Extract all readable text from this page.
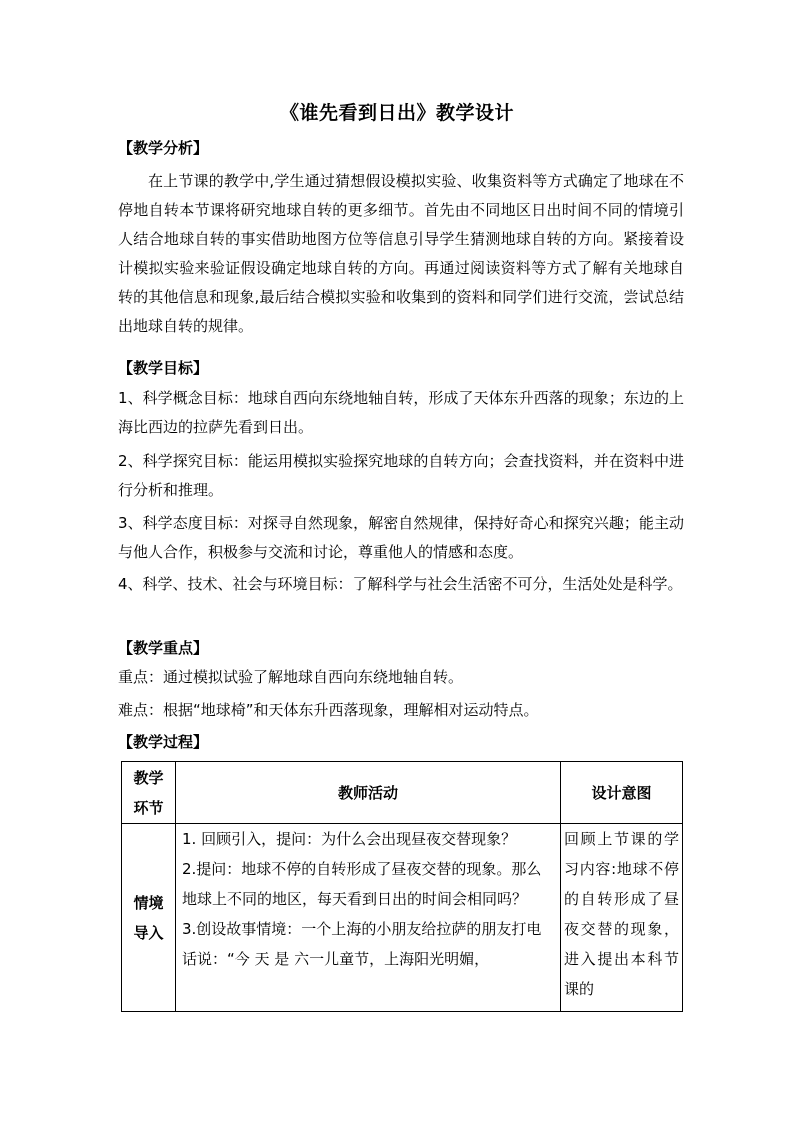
《谁先看到日出》教学设计
【教学分析】
在上节课的教学中,学生通过猜想假设模拟实验、收集资料等方式确定了地球在不停地自转本节课将研究地球自转的更多细节。首先由不同地区日出时间不同的情境引人结合地球自转的事实借助地图方位等信息引导学生猜测地球自转的方向。紧接着设计模拟实验来验证假设确定地球自转的方向。再通过阅读资料等方式了解有关地球自转的其他信息和现象,最后结合模拟实验和收集到的资料和同学们进行交流，尝试总结出地球自转的规律。
【教学目标】
1、科学概念目标：地球自西向东绕地轴自转，形成了天体东升西落的现象；东边的上海比西边的拉萨先看到日出。
2、科学探究目标：能运用模拟实验探究地球的自转方向；会查找资料，并在资料中进行分析和推理。
3、科学态度目标：对探寻自然现象，解密自然规律，保持好奇心和探究兴趣；能主动与他人合作，积极参与交流和讨论，尊重他人的情感和态度。
4、科学、技术、社会与环境目标：了解科学与社会生活密不可分，生活处处是科学。
【教学重点】
重点：通过模拟试验了解地球自西向东绕地轴自转。
难点：根据“地球椅”和天体东升西落现象，理解相对运动特点。
【教学过程】
教学环节	教师活动	设计意图

情境导入	1. 回顾引入，提问：为什么会出现昼夜交替现象？
2.提问：地球不停的自转形成了昼夜交替的现象。那么地球上不同的地区，每天看到日出的时间会相同吗？
3.创设故事情境：一个上海的小朋友给拉萨的朋友打电话说：“今 天 是 六一儿童节，上海阳光明媚，	回顾上节课的学习内容:地球不停的自转形成了昼夜交替的现象，进入提出本科节课的
